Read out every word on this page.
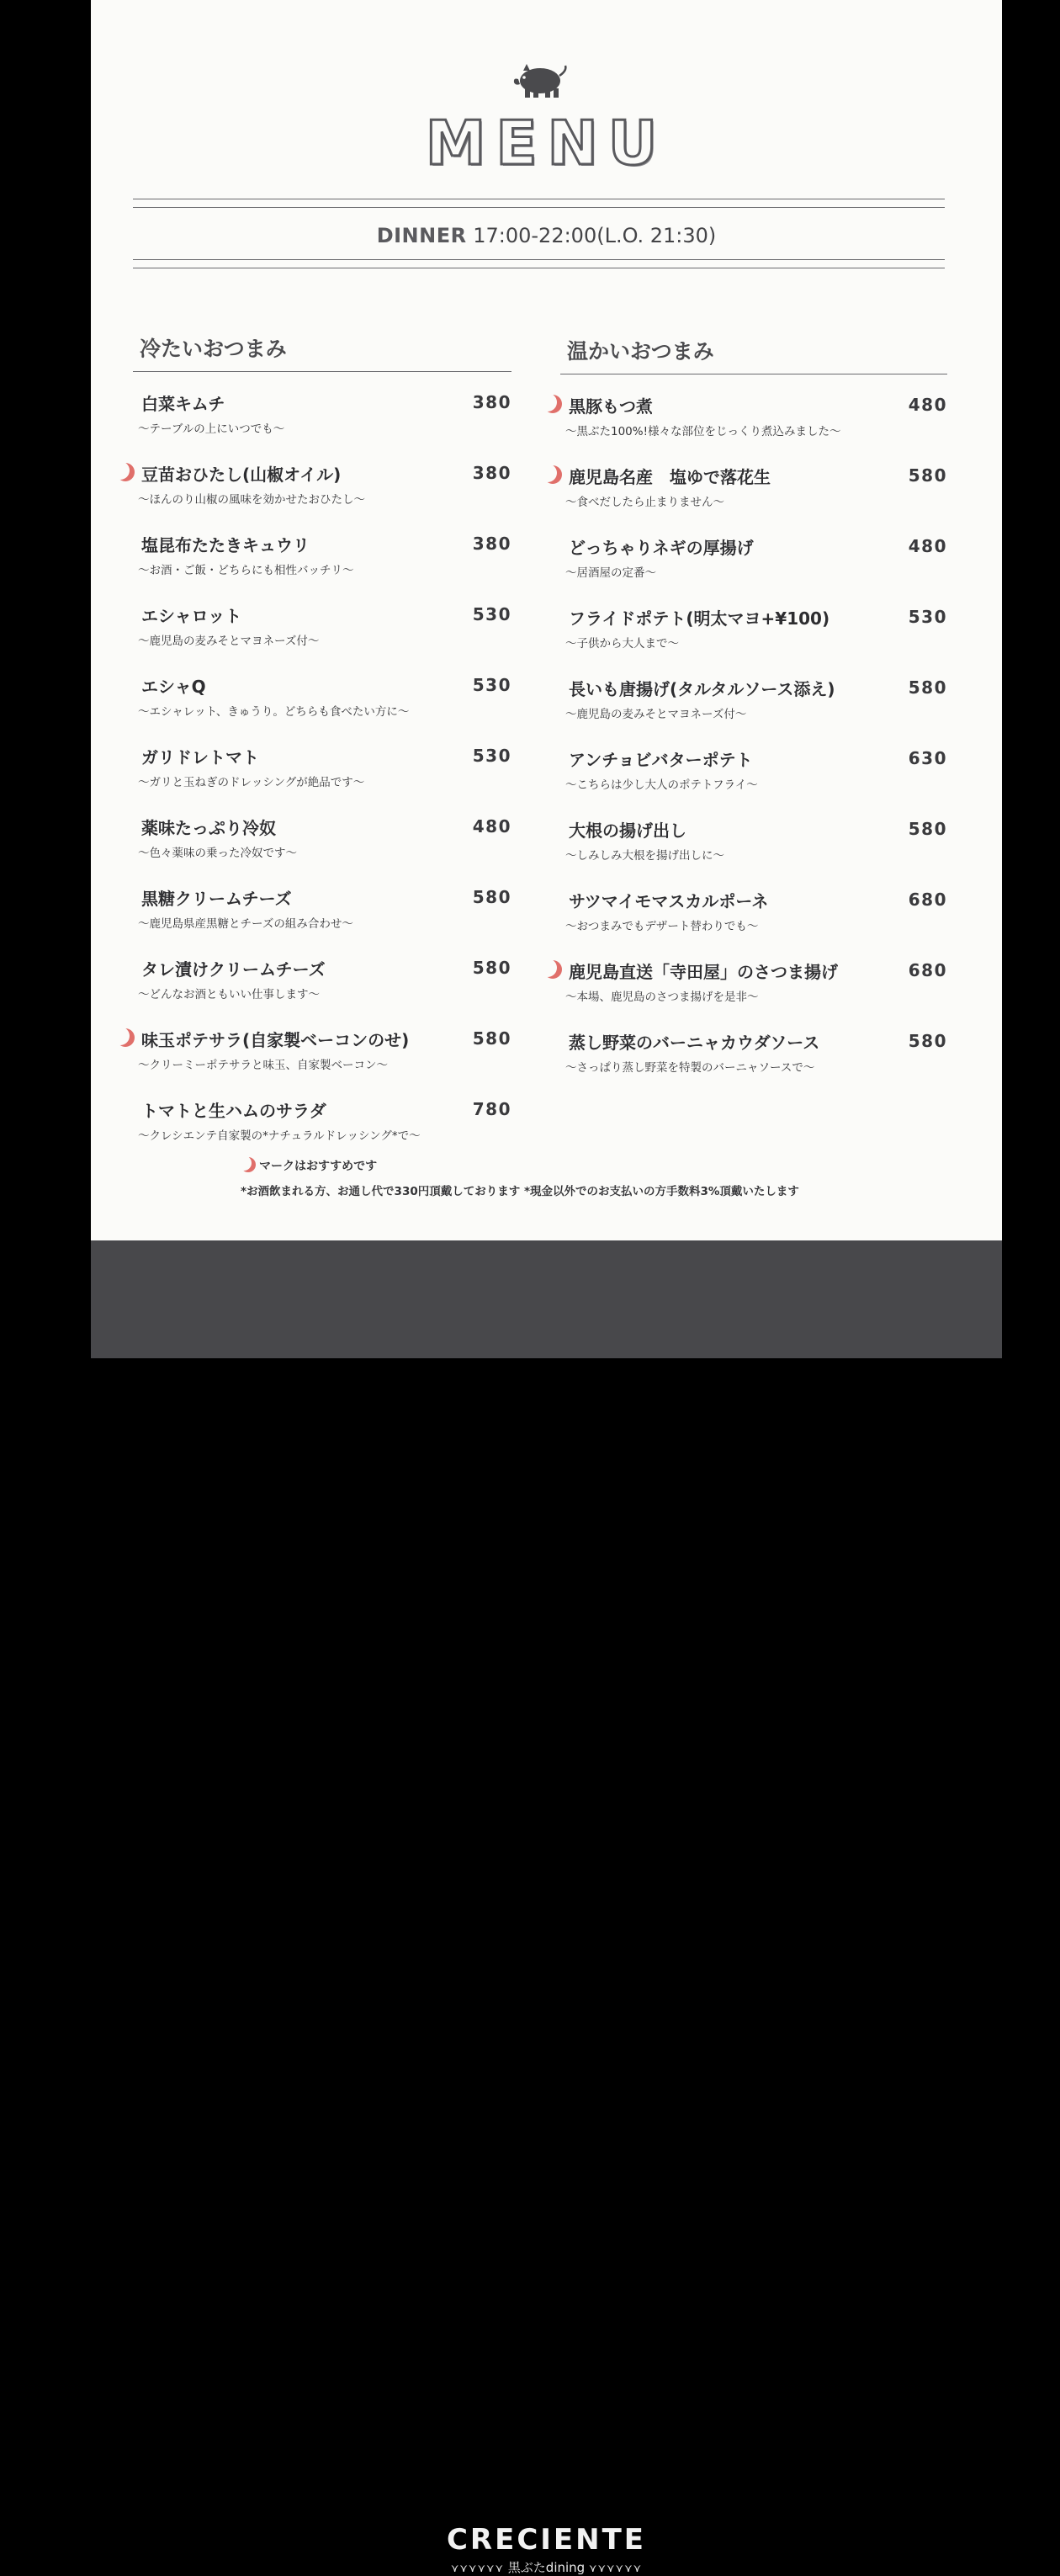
MENU
DINNER 17:00-22:00(L.O. 21:30)
冷たいおつまみ
白菜キムチ
〜テーブルの上にいつでも〜
380
豆苗おひたし(山椒オイル)
〜ほんのり山椒の風味を効かせたおひたし〜
380
塩昆布たたきキュウリ
〜お酒・ご飯・どちらにも相性バッチリ〜
380
エシャロット
〜鹿児島の麦みそとマヨネーズ付〜
530
エシャQ
〜エシャレット、きゅうり。どちらも食べたい方に〜
530
ガリドレトマト
〜ガリと玉ねぎのドレッシングが絶品です〜
530
薬味たっぷり冷奴
〜色々薬味の乗った冷奴です〜
480
黒糖クリームチーズ
〜鹿児島県産黒糖とチーズの組み合わせ〜
580
タレ漬けクリームチーズ
〜どんなお酒ともいい仕事します〜
580
味玉ポテサラ(自家製ベーコンのせ)
〜クリーミーポテサラと味玉、自家製ベーコン〜
580
トマトと生ハムのサラダ
〜クレシエンテ自家製の*ナチュラルドレッシング*で〜
780
温かいおつまみ
黒豚もつ煮
〜黒ぶた100%!様々な部位をじっくり煮込みました〜
480
鹿児島名産　塩ゆで落花生
〜食べだしたら止まりません〜
580
どっちゃりネギの厚揚げ
〜居酒屋の定番〜
480
フライドポテト(明太マヨ+¥100)
〜子供から大人まで〜
530
長いも唐揚げ(タルタルソース添え)
〜鹿児島の麦みそとマヨネーズ付〜
580
アンチョビバターポテト
〜こちらは少し大人のポテトフライ〜
630
大根の揚げ出し
〜しみしみ大根を揚げ出しに〜
580
サツマイモマスカルポーネ
〜おつまみでもデザート替わりでも〜
680
鹿児島直送「寺田屋」のさつま揚げ
〜本場、鹿児島のさつま揚げを是非〜
680
蒸し野菜のバーニャカウダソース
〜さっぱり蒸し野菜を特製のバーニャソースで〜
580
マークはおすすめです
*お酒飲まれる方、お通し代で330円頂戴しております *現金以外でのお支払いの方手数料3%頂戴いたします
CRECIENTE
⋎⋎⋎⋎⋎⋎ 黒ぶたdining ⋎⋎⋎⋎⋎⋎
